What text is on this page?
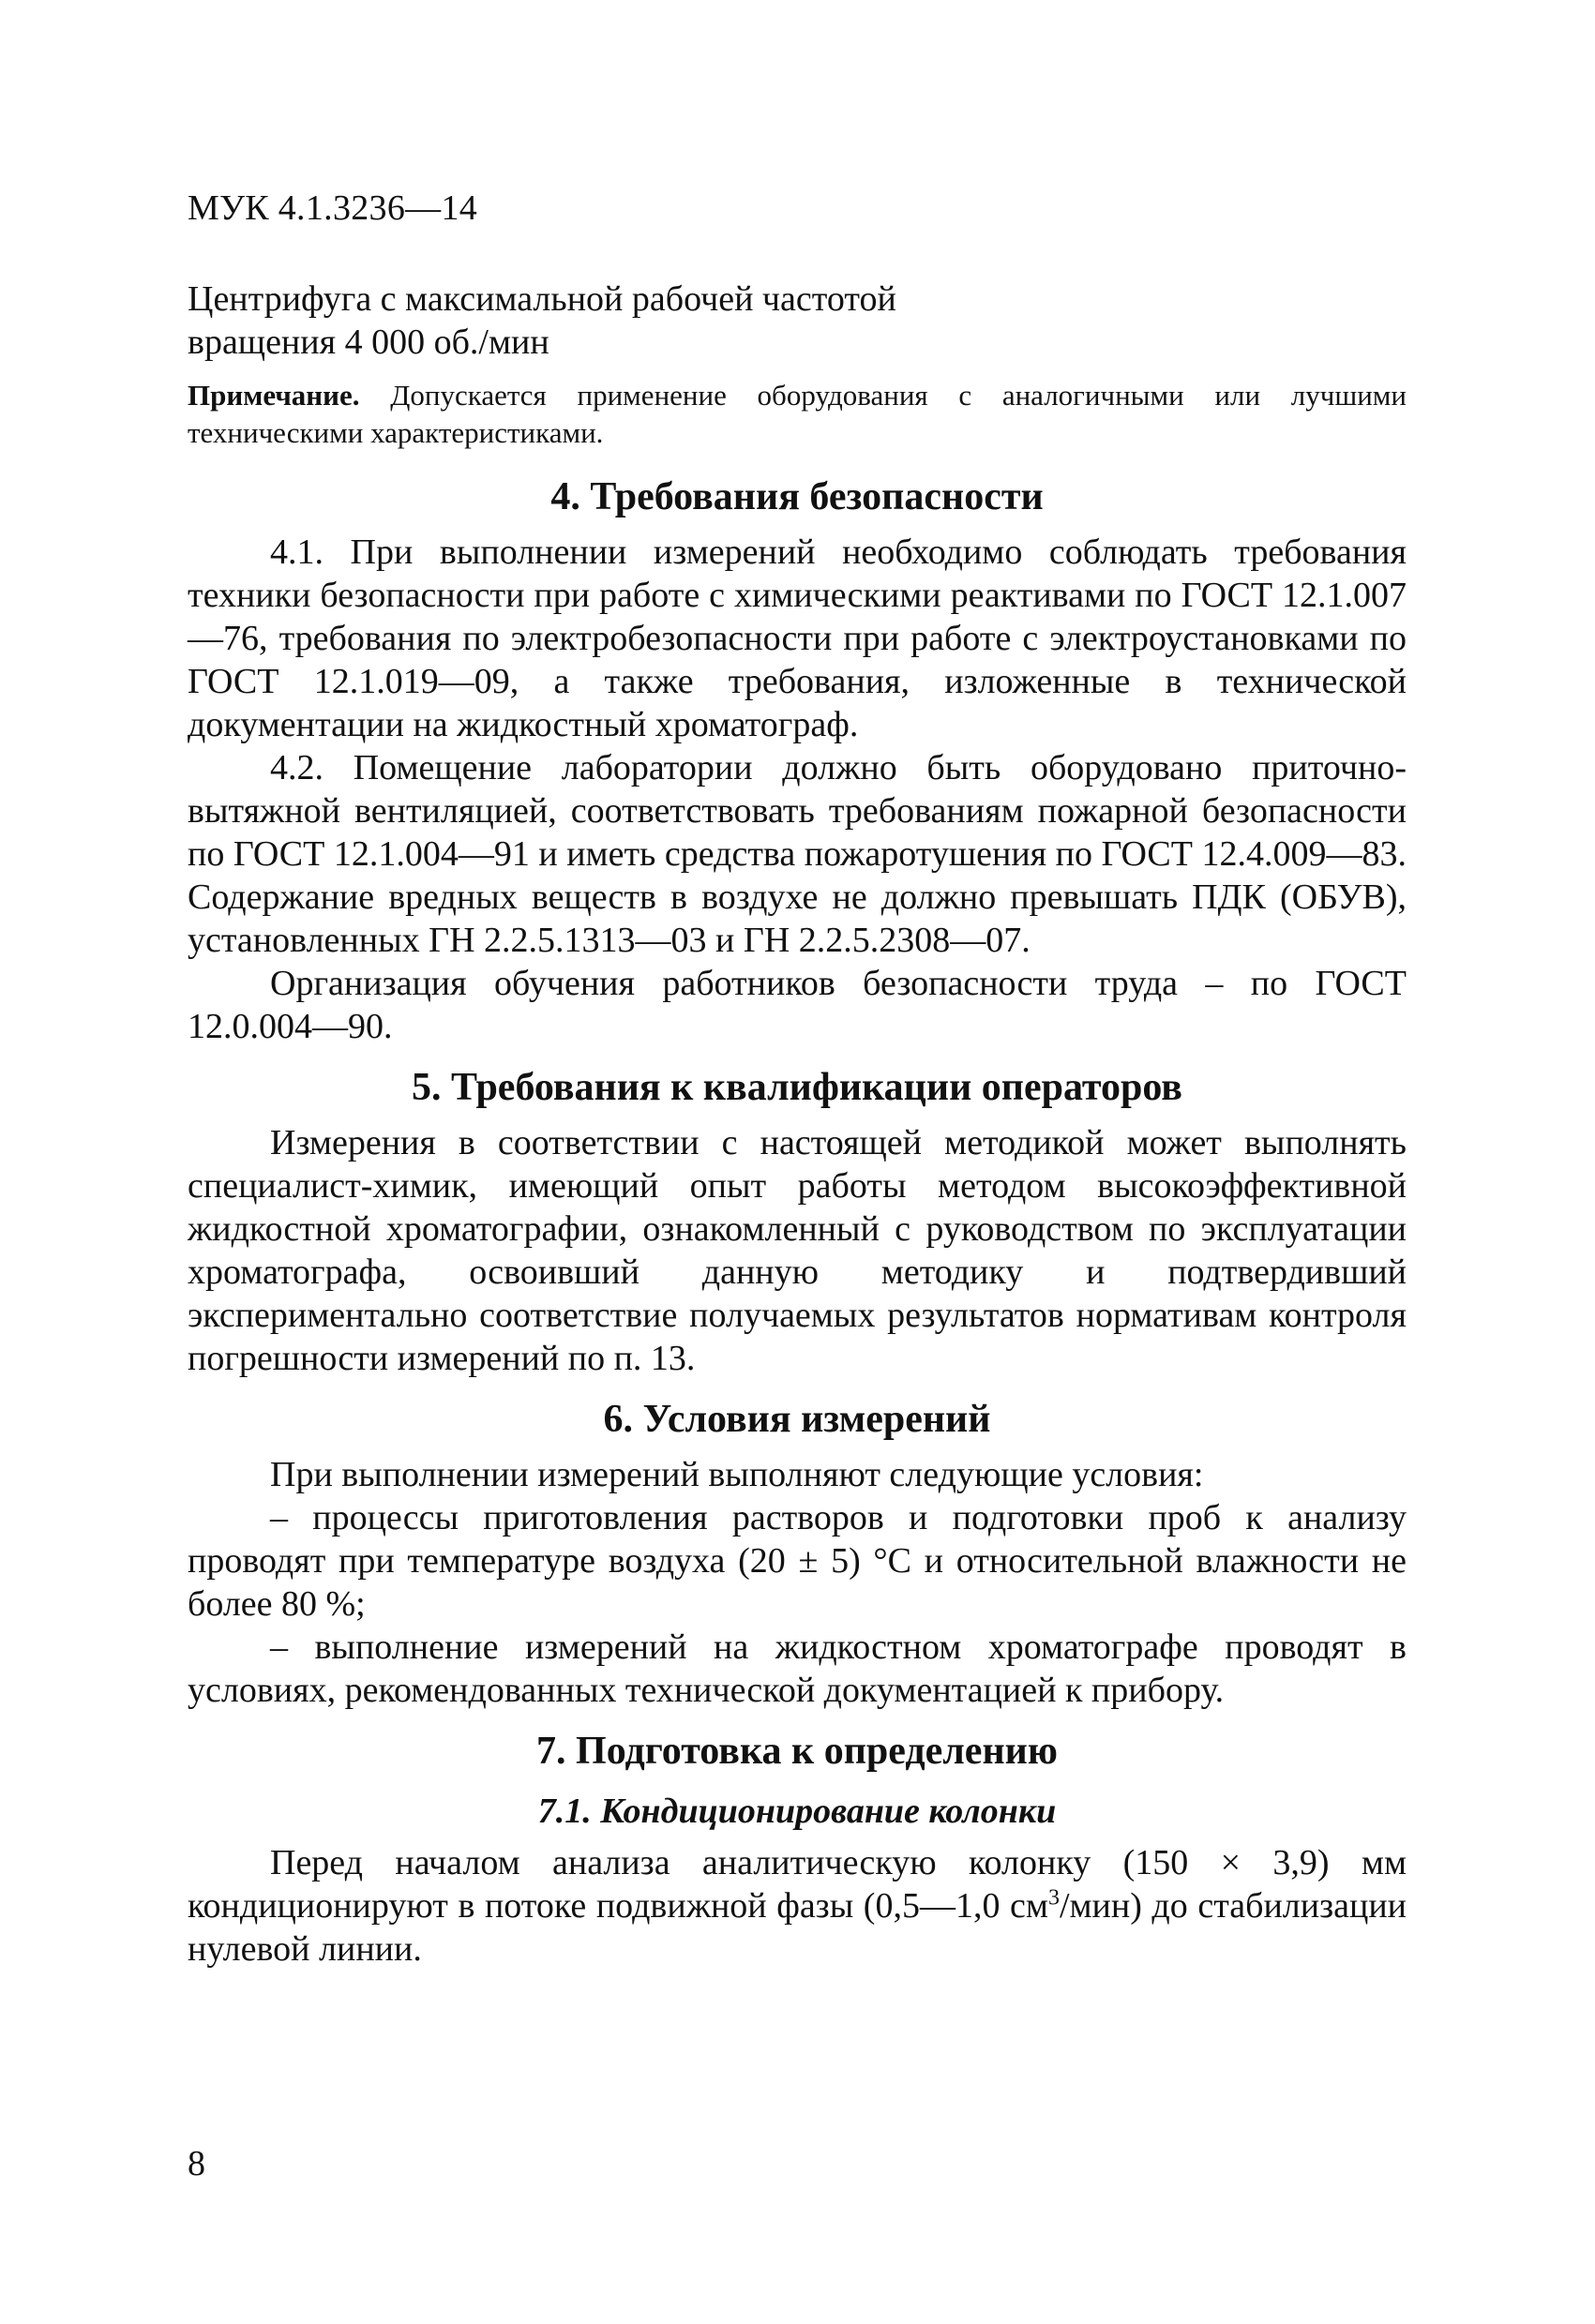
МУК 4.1.3236—14
Центрифуга с максимальной рабочей частотой вращения 4 000 об./мин
Примечание. Допускается применение оборудования с аналогичными или лучшими техническими характеристиками.
4. Требования безопасности

4.1. При выполнении измерений необходимо соблюдать требования техники безопасности при работе с химическими реактивами по ГОСТ 12.1.007—76, требования по электробезопасности при работе с электроустановками по ГОСТ 12.1.019—09, а также требования, изложенные в технической документации на жидкостный хроматограф.

4.2. Помещение лаборатории должно быть оборудовано приточно-вытяжной вентиляцией, соответствовать требованиям пожарной безопасности по ГОСТ 12.1.004—91 и иметь средства пожаротушения по ГОСТ 12.4.009—83. Содержание вредных веществ в воздухе не должно превышать ПДК (ОБУВ), установленных ГН 2.2.5.1313—03 и ГН 2.2.5.2308—07.

Организация обучения работников безопасности труда – по ГОСТ 12.0.004—90.

5. Требования к квалификации операторов

Измерения в соответствии с настоящей методикой может выполнять специалист-химик, имеющий опыт работы методом высокоэффективной жидкостной хроматографии, ознакомленный с руководством по эксплуатации хроматографа, освоивший данную методику и подтвердивший экспериментально соответствие получаемых результатов нормативам контроля погрешности измерений по п. 13.

6. Условия измерений

При выполнении измерений выполняют следующие условия:

– процессы приготовления растворов и подготовки проб к анализу проводят при температуре воздуха (20 ± 5) °С и относительной влажности не более 80 %;

– выполнение измерений на жидкостном хроматографе проводят в условиях, рекомендованных технической документацией к прибору.

7. Подготовка к определению
7.1. Кондиционирование колонки

Перед началом анализа аналитическую колонку (150 × 3,9) мм кондиционируют в потоке подвижной фазы (0,5—1,0 $см^3/мин$) до стабилизации нулевой линии.

8
